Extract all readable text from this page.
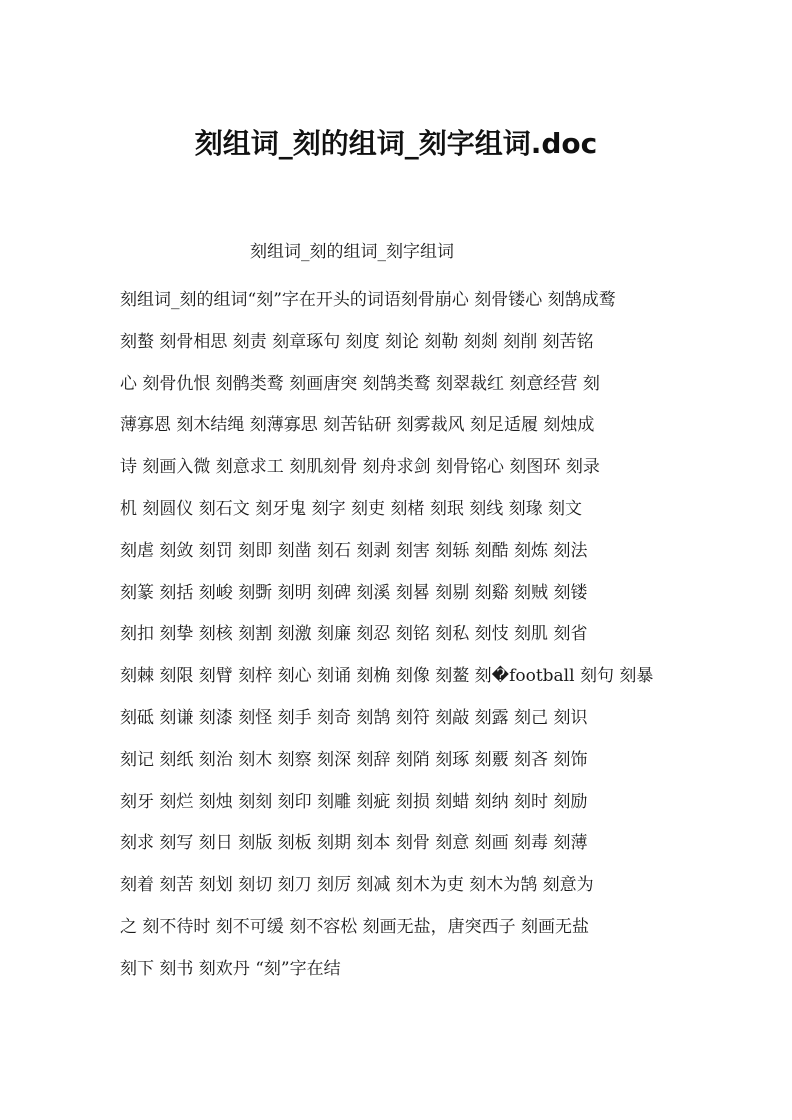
刻组词_刻的组词_刻字组词.doc
刻组词_刻的组词_刻字组词
刻组词_刻的组词“刻”字在开头的词语刻骨崩心 刻骨镂心 刻鹄成鹜
刻螯 刻骨相思 刻责 刻章琢句 刻度 刻论 刻勒 刻剡 刻削 刻苦铭
心 刻骨仇恨 刻鹘类鹜 刻画唐突 刻鹄类鹜 刻翠裁红 刻意经营 刻
薄寡恩 刻木结绳 刻薄寡思 刻苦钻研 刻雾裁风 刻足适履 刻烛成
诗 刻画入微 刻意求工 刻肌刻骨 刻舟求剑 刻骨铭心 刻图环 刻录
机 刻圆仪 刻石文 刻牙鬼 刻字 刻吏 刻楮 刻珉 刻线 刻瑑 刻文
刻虐 刻敛 刻罚 刻即 刻凿 刻石 刻剥 刻害 刻轹 刻酷 刻炼 刻法
刻篆 刻括 刻峻 刻斲 刻明 刻碑 刻溪 刻晷 刻剔 刻谿 刻贼 刻镂
刻扣 刻挚 刻核 刻割 刻激 刻廉 刻忍 刻铭 刻私 刻忮 刻肌 刻省
刻棘 刻限 刻臂 刻梓 刻心 刻诵 刻桷 刻像 刻鳌 刻�football 刻句 刻暴
刻砥 刻谦 刻漆 刻怪 刻手 刻奇 刻鹄 刻符 刻敲 刻露 刻己 刻识
刻记 刻纸 刻治 刻木 刻察 刻深 刻辞 刻陗 刻琢 刻覈 刻吝 刻饰
刻牙 刻烂 刻烛 刻刻 刻印 刻雕 刻疵 刻损 刻蜡 刻纳 刻时 刻励
刻求 刻写 刻日 刻版 刻板 刻期 刻本 刻骨 刻意 刻画 刻毒 刻薄
刻着 刻苦 刻划 刻切 刻刀 刻厉 刻减 刻木为吏 刻木为鹄 刻意为
之 刻不待时 刻不可缓 刻不容松 刻画无盐，唐突西子 刻画无盐
刻下 刻书 刻欢丹 “刻”字在结
